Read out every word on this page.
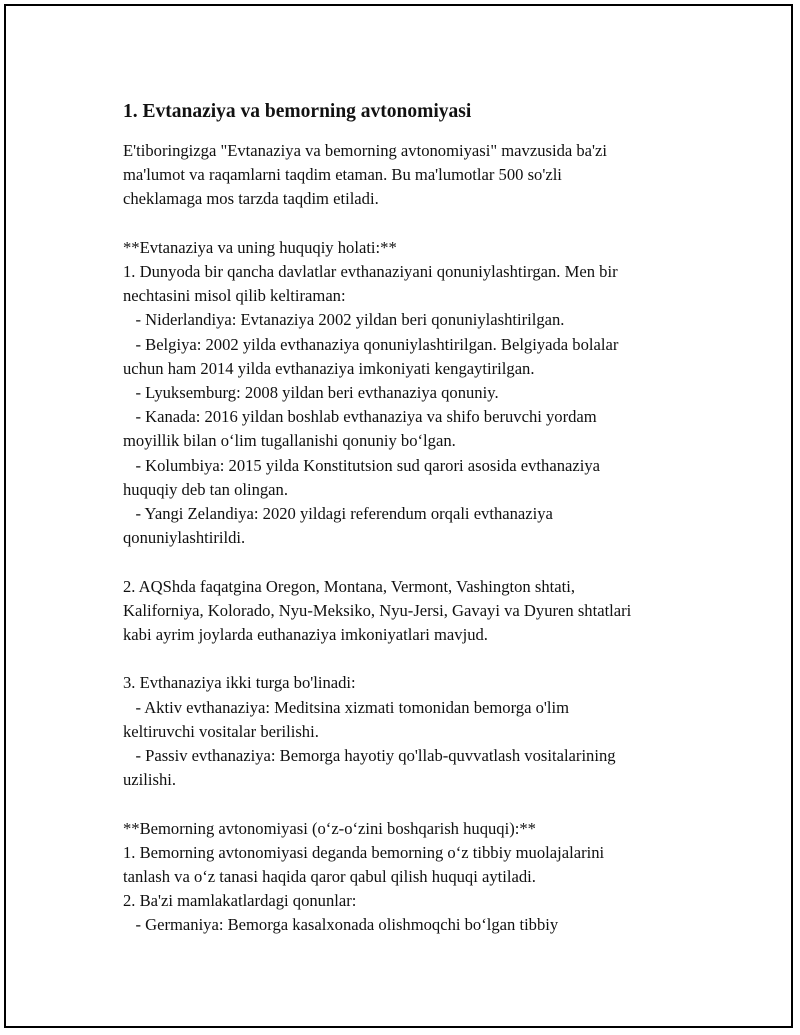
1. Evtanaziya va bemorning avtonomiyasi
E'tiboringizga "Evtanaziya va bemorning avtonomiyasi" mavzusida ba'zi
ma'lumot va raqamlarni taqdim etaman. Bu ma'lumotlar 500 so'zli
cheklamaga mos tarzda taqdim etiladi.
**Evtanaziya va uning huquqiy holati:**
1. Dunyoda bir qancha davlatlar evthanaziyani qonuniylashtirgan. Men bir
nechtasini misol qilib keltiraman:
- Niderlandiya: Evtanaziya 2002 yildan beri qonuniylashtirilgan.
- Belgiya: 2002 yilda evthanaziya qonuniylashtirilgan. Belgiyada bolalar
uchun ham 2014 yilda evthanaziya imkoniyati kengaytirilgan.
- Lyuksemburg: 2008 yildan beri evthanaziya qonuniy.
- Kanada: 2016 yildan boshlab evthanaziya va shifo beruvchi yordam
moyillik bilan oʻlim tugallanishi qonuniy boʻlgan.
- Kolumbiya: 2015 yilda Konstitutsion sud qarori asosida evthanaziya
huquqiy deb tan olingan.
- Yangi Zelandiya: 2020 yildagi referendum orqali evthanaziya
qonuniylashtirildi.
2. AQShda faqatgina Oregon, Montana, Vermont, Vashington shtati,
Kaliforniya, Kolorado, Nyu-Meksiko, Nyu-Jersi, Gavayi va Dyuren shtatlari
kabi ayrim joylarda euthanaziya imkoniyatlari mavjud.
3. Evthanaziya ikki turga bo'linadi:
- Aktiv evthanaziya: Meditsina xizmati tomonidan bemorga o'lim
keltiruvchi vositalar berilishi.
- Passiv evthanaziya: Bemorga hayotiy qo'llab-quvvatlash vositalarining
uzilishi.
**Bemorning avtonomiyasi (oʻz-oʻzini boshqarish huquqi):**
1. Bemorning avtonomiyasi deganda bemorning oʻz tibbiy muolajalarini
tanlash va oʻz tanasi haqida qaror qabul qilish huquqi aytiladi.
2. Ba'zi mamlakatlardagi qonunlar:
- Germaniya: Bemorga kasalxonada olishmoqchi boʻlgan tibbiy
